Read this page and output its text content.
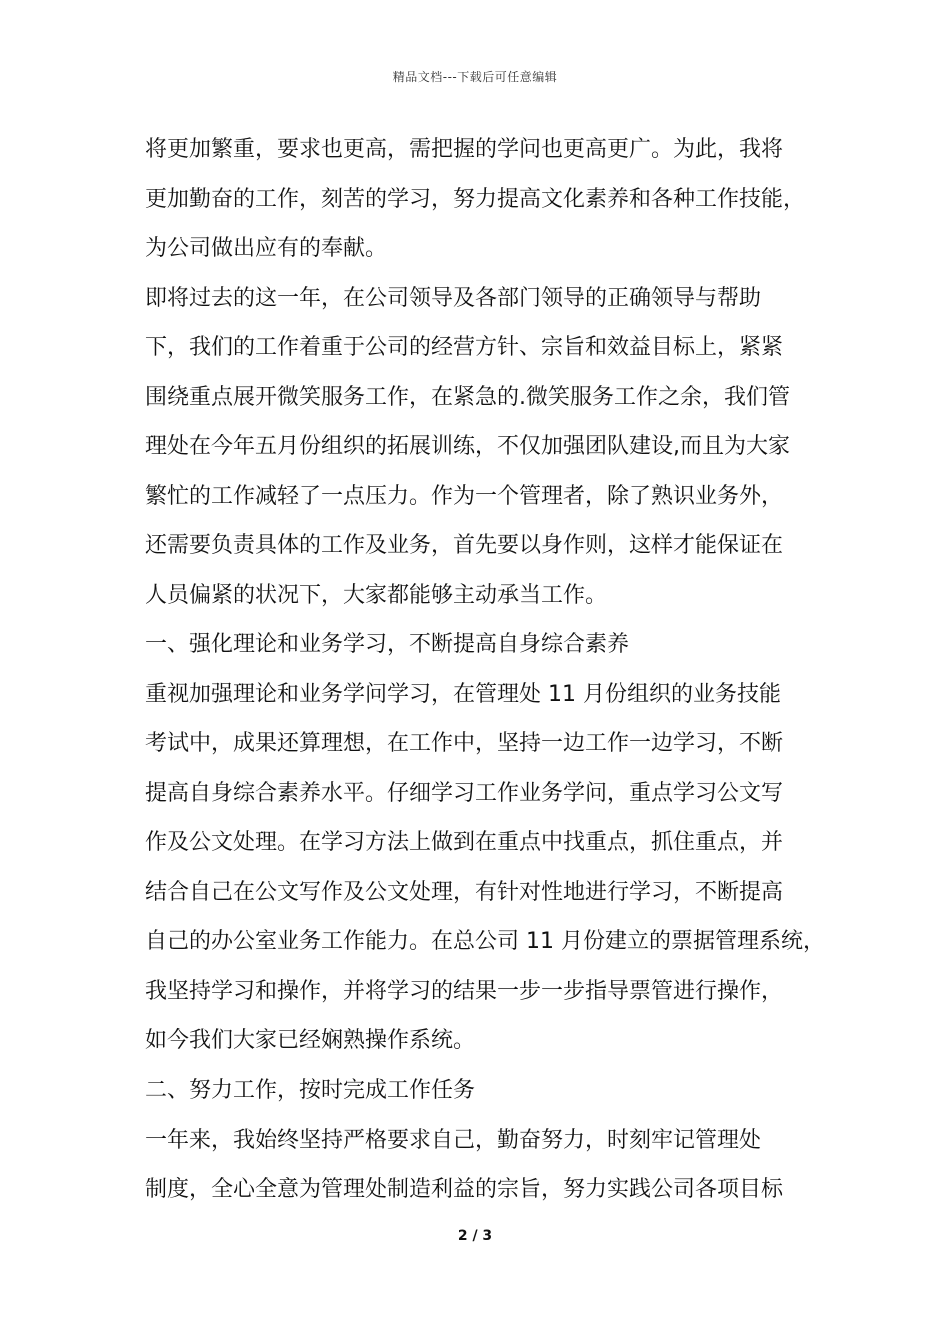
精品文档---下载后可任意编辑
将更加繁重，要求也更高，需把握的学问也更高更广。为此，我将
更加勤奋的工作，刻苦的学习，努力提高文化素养和各种工作技能，
为公司做出应有的奉献。
即将过去的这一年，在公司领导及各部门领导的正确领导与帮助
下，我们的工作着重于公司的经营方针、宗旨和效益目标上，紧紧
围绕重点展开微笑服务工作，在紧急的.微笑服务工作之余，我们管
理处在今年五月份组织的拓展训练，不仅加强团队建设,而且为大家
繁忙的工作减轻了一点压力。作为一个管理者，除了熟识业务外，
还需要负责具体的工作及业务，首先要以身作则，这样才能保证在
人员偏紧的状况下，大家都能够主动承当工作。
一、强化理论和业务学习，不断提高自身综合素养
重视加强理论和业务学问学习，在管理处 11 月份组织的业务技能
考试中，成果还算理想，在工作中，坚持一边工作一边学习，不断
提高自身综合素养水平。仔细学习工作业务学问，重点学习公文写
作及公文处理。在学习方法上做到在重点中找重点，抓住重点，并
结合自己在公文写作及公文处理，有针对性地进行学习，不断提高
自己的办公室业务工作能力。在总公司 11 月份建立的票据管理系统，
我坚持学习和操作，并将学习的结果一步一步指导票管进行操作，
如今我们大家已经娴熟操作系统。
二、努力工作，按时完成工作任务
一年来，我始终坚持严格要求自己，勤奋努力，时刻牢记管理处
制度，全心全意为管理处制造利益的宗旨，努力实践公司各项目标
2 / 3
